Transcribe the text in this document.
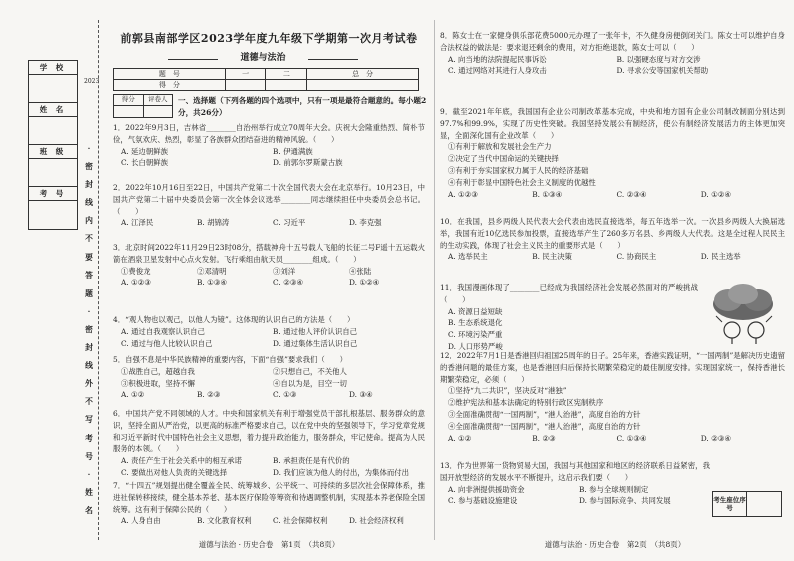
学 校
姓 名
班 级
考 号
2023
·密封线内不要答题·密封线外不写考号·姓名
前郭县南部学区2023学年度九年级下学期第一次月考试卷
道德与法治
题　号	一	二	总　分
得　分			
得分	评卷人	一、选择题（下列各题的四个选项中，只有一项是最符合题意的。每小题2分，共26分）
1．2022年9月3日，吉林省________自治州举行成立70周年大会。庆祝大会隆重热烈、简朴节俭，气氛欢庆、热烈，彰显了各族群众团结奋进的精神风貌。（　　）
A. 延边朝鲜族	B. 伊通满族
C. 长白朝鲜族	D. 前郭尔罗斯蒙古族
2．2022年10月16日至22日，中国共产党第二十次全国代表大会在北京举行。10月23日，中国共产党第二十届中央委员会第一次全体会议选举________同志继续担任中央委员会总书记。（　　）
A. 江泽民	B. 胡锦涛	C. 习近平	D. 李克强
3．北京时间2022年11月29日23时08分，搭载神舟十五号载人飞船的长征二号F遥十五运载火箭在酒泉卫星发射中心点火发射。飞行乘组由航天员________组成。（　　）
①费俊龙	②邓清明	③刘洋	④张陆
A. ①②③	B. ①③④	C. ②③④	D. ①②④
4．“观人物也以观己，以他人为镜”。这体现的认识自己的方法是（　　）
A. 通过自我观察认识自己	B. 通过他人评价认识自己
C. 通过与他人比较认识自己	D. 通过集体生活认识自己
5．自强不息是中华民族精神的重要内容，下面“自强”要求我们（　　）
①战胜自己，超越自我	②只想自己，不关他人
③积极进取，坚持不懈	④自以为是，目空一切
A. ①②	B. ②③	C. ①③	D. ③④
6．中国共产党不同领域的人才。中央和国家机关有利于增强党员干部扎根基层、服务群众的意识，坚持全面从严治党，以更高的标准严格要求自己，以在党中央的坚强领导下，学习党章党规和习近平新时代中国特色社会主义思想，着力提升政治能力，服务群众，牢记使命。提高为人民服务的本领。（　　）
A. 责任产生于社会关系中的相互承诺	B. 承担责任是有代价的
C. 要做出对他人负责的关键选择	D. 我们应该为他人的付出，为集体而付出
7．“十四五”规划提出健全覆盖全民、统筹城乡、公平统一、可持续的多层次社会保障体系，推进社保转移接续，健全基本养老、基本医疗保险等筹资和待遇调整机制，实现基本养老保险全国统筹。这有利于保障公民的（　　）
A. 人身自由	B. 文化教育权利	C. 社会保障权利	D. 社会经济权利
道德与法治 · 历史合卷　第1页　（共8页）
8．陈女士在一家健身俱乐部花费5000元办理了一张年卡，不久健身房便倒闭关门。陈女士可以维护自身合法权益的做法是：要求退还剩余的费用，对方拒绝退款，陈女士可以（　　）
A. 向当地的法院提起民事诉讼	B. 以强硬态度与对方交涉
C. 通过网络对其进行人身攻击	D. 寻求公安等国家机关帮助
9．截至2021年年底，我国国有企业公司制改革基本完成，中央和地方国有企业公司制改制面分别达到97.7%和99.9%，实现了历史性突破。我国坚持发展公有制经济，使公有制经济发展活力的主体更加突显，全面深化国有企业改革（　　）
①有利于解放和发展社会生产力
②决定了当代中国命运的关键抉择
③有利于夯实国家权力属于人民的经济基础
④有利于彰显中国特色社会主义制度的优越性
A. ①②③	B. ①③④	C. ②③④	D. ①②④
10．在我国，县乡两级人民代表大会代表由选民直接选举，每五年选举一次。一次县乡两级人大换届选举，我国有近10亿选民参加投票，直接选举产生了260多万名县、乡两级人大代表。这是全过程人民民主的生动实践，体现了社会主义民主的重要形式是（　　）
A. 选举民主	B. 民主决策	C. 协商民主	D. 民主选举
11．我国漫画体现了________已经成为我国经济社会发展必然面对的严峻挑战（　　）
A. 资源日益短缺
B. 生态系统退化
C. 环境污染严重
D. 人口形势严峻
12．2022年7月1日是香港回归祖国25周年的日子。25年来，香港实践证明，“一国两制”是解决历史遗留的香港问题的最佳方案，也是香港回归后保持长期繁荣稳定的最佳制度安排。实现国家统一，保持香港长期繁荣稳定，必须（　　）
①坚持“九二共识”，坚决反对“港独”
②维护宪法和基本法确定的特别行政区宪制秩序
③全面准确贯彻“一国两制”，“港人治港”，高度自治的方针
④全面准确贯彻“一国两制”，“港人治港”，高度自治的方针
A. ①②	B. ②③	C. ①③④	D. ②③④
13．作为世界第一货物贸易大国，我国与其他国家和地区的经济联系日益紧密，我国开放型经济的发展水平不断提升，这启示我们要（　　）
A. 向非洲提供援助资金	B. 参与全球规则制定
C. 参与基础设施建设	D. 参与国际竞争、共同发展	考生座位序号
道德与法治 · 历史合卷　第2页　（共8页）
